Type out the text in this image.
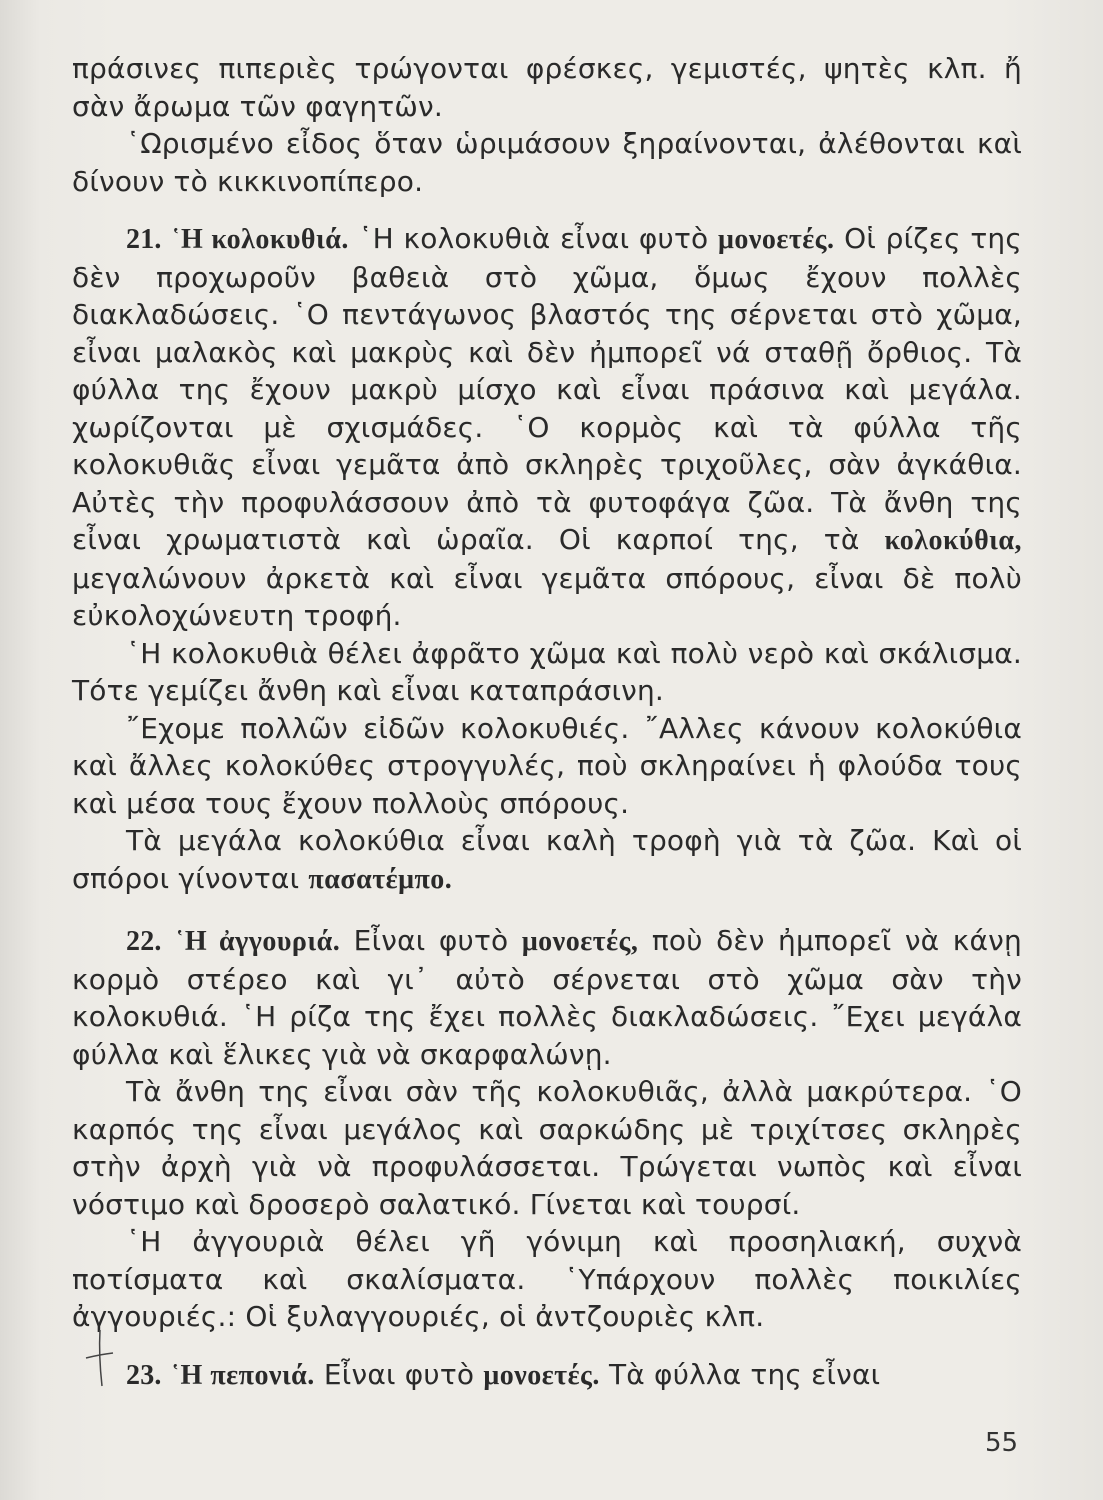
πράσινες πιπεριὲς τρώγονται φρέσκες, γεμιστές, ψητὲς κλπ. ἤ σὰν ἄρωμα τῶν φαγητῶν.

῾Ωρισμένο εἶδος ὅταν ὡριμάσουν ξηραίνονται, ἀλέθονται καὶ δίνουν τὸ κικκινοπίπερο.

21. ῾Η κολοκυθιά. ῾Η κολοκυθιὰ εἶναι φυτὸ μονοετές. Οἱ ρίζες της δὲν προχωροῦν βαθειὰ στὸ χῶμα, ὅμως ἔχουν πολλὲς διακλαδώσεις. ῾Ο πεντάγωνος βλαστός της σέρνεται στὸ χῶμα, εἶναι μαλακὸς καὶ μακρὺς καὶ δὲν ἠμπορεῖ νά σταθῇ ὄρθιος. Τὰ φύλλα της ἔχουν μακρὺ μίσχο καὶ εἶναι πράσινα καὶ μεγάλα. χωρίζονται μὲ σχισμάδες. ῾Ο κορμὸς καὶ τὰ φύλλα τῆς κολοκυθιᾶς εἶναι γεμᾶτα ἀπὸ σκληρὲς τριχοῦλες, σὰν ἀγκάθια. Αὐτὲς τὴν προφυλάσσουν ἀπὸ τὰ φυτοφάγα ζῶα. Τὰ ἄνθη της εἶναι χρωματιστὰ καὶ ὡραῖα. Οἱ καρποί της, τὰ κολοκύθια, μεγαλώνουν ἀρκετὰ καὶ εἶναι γεμᾶτα σπόρους, εἶναι δὲ πολὺ εὐκολοχώνευτη τροφή.

῾Η κολοκυθιὰ θέλει ἀφρᾶτο χῶμα καὶ πολὺ νερὸ καὶ σκάλισμα. Τότε γεμίζει ἄνθη καὶ εἶναι καταπράσινη.

῎Εχομε πολλῶν εἰδῶν κολοκυθιές. ῎Αλλες κάνουν κολοκύθια καὶ ἄλλες κολοκύθες στρογγυλές, ποὺ σκληραίνει ἡ φλούδα τους καὶ μέσα τους ἔχουν πολλοὺς σπόρους.

Τὰ μεγάλα κολοκύθια εἶναι καλὴ τροφὴ γιὰ τὰ ζῶα. Καὶ οἱ σπόροι γίνονται πασατέμπο.

22. ῾Η ἀγγουριά. Εἶναι φυτὸ μονοετές, ποὺ δὲν ἠμπορεῖ νὰ κάνῃ κορμὸ στέρεο καὶ γι᾿ αὐτὸ σέρνεται στὸ χῶμα σὰν τὴν κολοκυθιά. ῾Η ρίζα της ἔχει πολλὲς διακλαδώσεις. ῎Εχει μεγάλα φύλλα καὶ ἕλικες γιὰ νὰ σκαρφαλώνῃ.

Τὰ ἄνθη της εἶναι σὰν τῆς κολοκυθιᾶς, ἀλλὰ μακρύτερα. ῾Ο καρπός της εἶναι μεγάλος καὶ σαρκώδης μὲ τριχίτσες σκληρὲς στὴν ἀρχὴ γιὰ νὰ προφυλάσσεται. Τρώγεται νωπὸς καὶ εἶναι νόστιμο καὶ δροσερὸ σαλατικό. Γίνεται καὶ τουρσί.

῾Η ἀγγουριὰ θέλει γῆ γόνιμη καὶ προσηλιακή, συχνὰ ποτίσματα καὶ σκαλίσματα. ῾Υπάρχουν πολλὲς ποικιλίες ἀγγουριές.: Οἱ ξυλαγγουριές, οἱ ἀντζουριὲς κλπ.

23. ῾Η πεπονιά. Εἶναι φυτὸ μονοετές. Τὰ φύλλα της εἶναι

55
